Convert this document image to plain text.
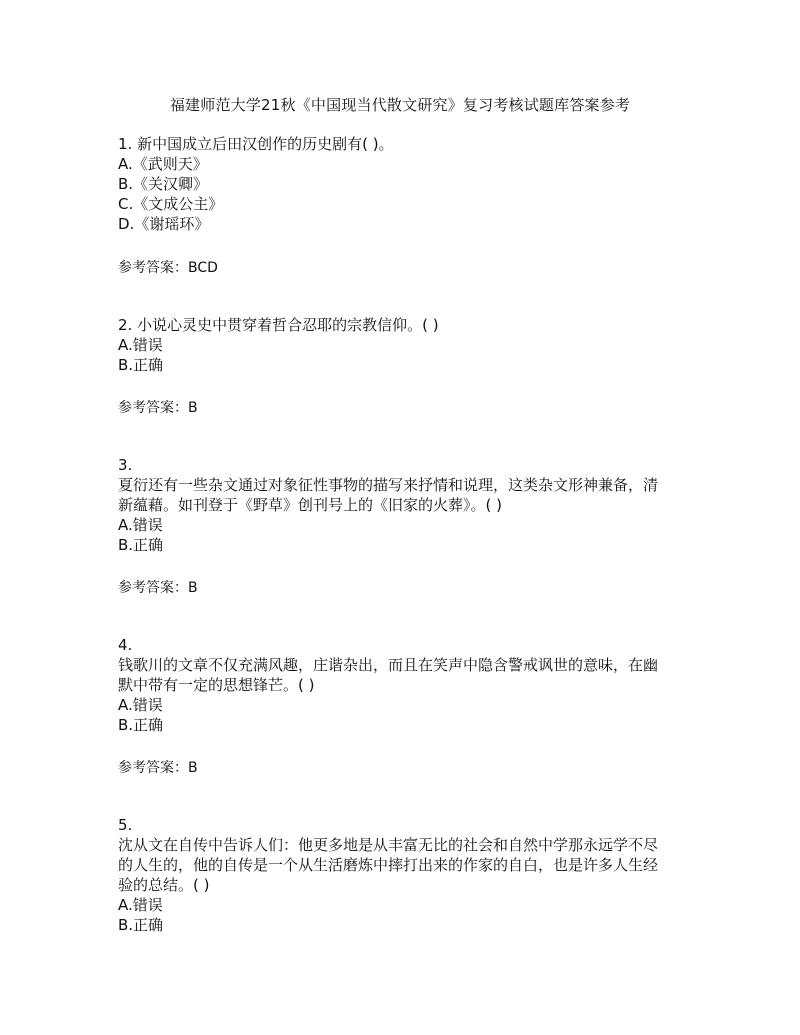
福建师范大学21秋《中国现当代散文研究》复习考核试题库答案参考
1. 新中国成立后田汉创作的历史剧有( )。
A.《武则天》
B.《关汉卿》
C.《文成公主》
D.《谢瑶环》
参考答案：BCD
2. 小说心灵史中贯穿着哲合忍耶的宗教信仰。( )
A.错误
B.正确
参考答案：B
3.
夏衍还有一些杂文通过对象征性事物的描写来抒情和说理，这类杂文形神兼备，清
新蕴藉。如刊登于《野草》创刊号上的《旧家的火葬》。( )
A.错误
B.正确
参考答案：B
4.
钱歌川的文章不仅充满风趣，庄谐杂出，而且在笑声中隐含警戒讽世的意味，在幽
默中带有一定的思想锋芒。( )
A.错误
B.正确
参考答案：B
5.
沈从文在自传中告诉人们：他更多地是从丰富无比的社会和自然中学那永远学不尽
的人生的，他的自传是一个从生活磨炼中摔打出来的作家的自白，也是许多人生经
验的总结。( )
A.错误
B.正确
